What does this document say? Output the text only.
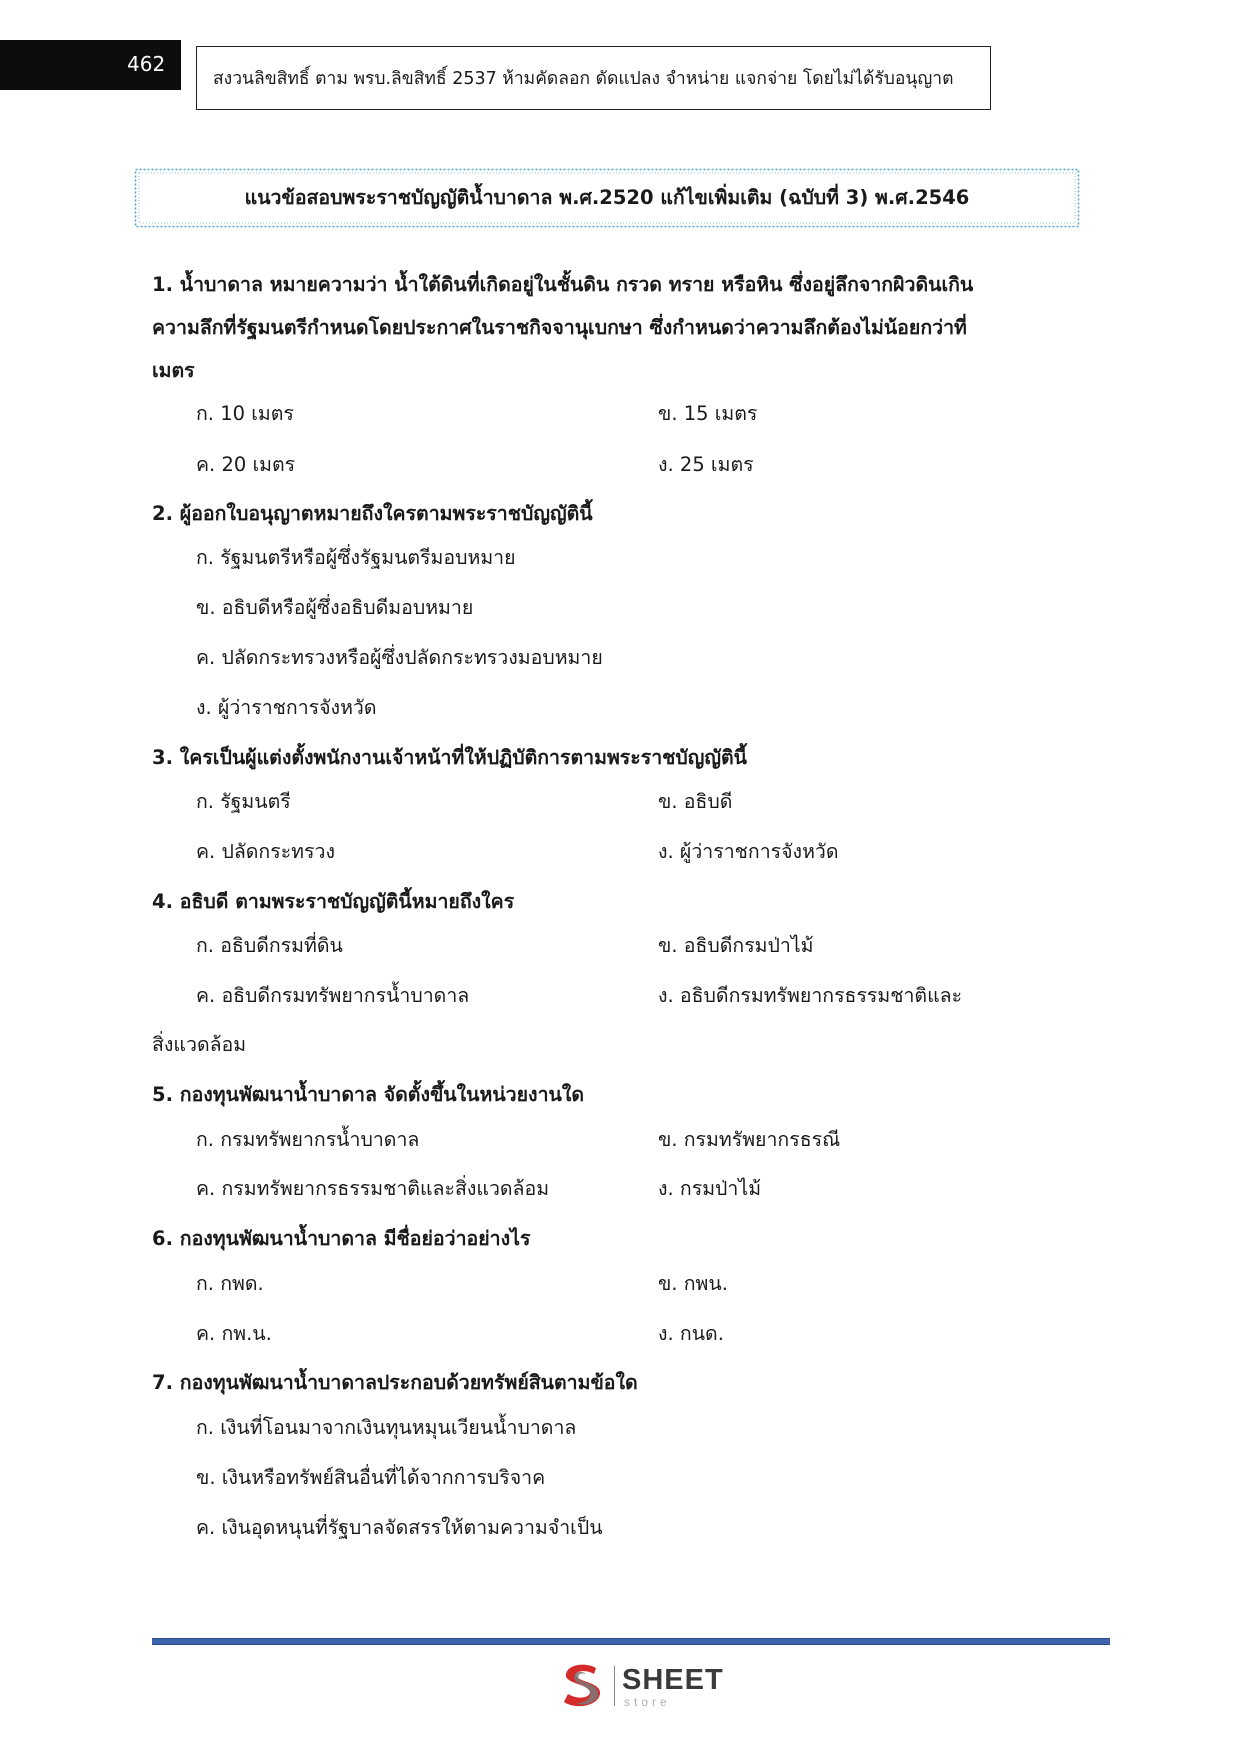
462
สงวนลิขสิทธิ์ ตาม พรบ.ลิขสิทธิ์ 2537 ห้ามคัดลอก ดัดแปลง จำหน่าย แจกจ่าย โดยไม่ได้รับอนุญาต
แนวข้อสอบพระราชบัญญัติน้ำบาดาล พ.ศ.2520 แก้ไขเพิ่มเติม (ฉบับที่ 3) พ.ศ.2546
1. น้ำบาดาล หมายความว่า น้ำใต้ดินที่เกิดอยู่ในชั้นดิน กรวด ทราย หรือหิน ซึ่งอยู่ลึกจากผิวดินเกิน
ความลึกที่รัฐมนตรีกำหนดโดยประกาศในราชกิจจานุเบกษา ซึ่งกำหนดว่าความลึกต้องไม่น้อยกว่าที่
เมตร
ก. 10 เมตร	ข. 15 เมตร
ค. 20 เมตร	ง. 25 เมตร
2. ผู้ออกใบอนุญาตหมายถึงใครตามพระราชบัญญัตินี้
ก. รัฐมนตรีหรือผู้ซึ่งรัฐมนตรีมอบหมาย
ข. อธิบดีหรือผู้ซึ่งอธิบดีมอบหมาย
ค. ปลัดกระทรวงหรือผู้ซึ่งปลัดกระทรวงมอบหมาย
ง. ผู้ว่าราชการจังหวัด
3. ใครเป็นผู้แต่งตั้งพนักงานเจ้าหน้าที่ให้ปฏิบัติการตามพระราชบัญญัตินี้
ก. รัฐมนตรี	ข. อธิบดี
ค. ปลัดกระทรวง	ง. ผู้ว่าราชการจังหวัด
4. อธิบดี ตามพระราชบัญญัตินี้หมายถึงใคร
ก. อธิบดีกรมที่ดิน	ข. อธิบดีกรมป่าไม้
ค. อธิบดีกรมทรัพยากรน้ำบาดาล	ง. อธิบดีกรมทรัพยากรธรรมชาติและ
สิ่งแวดล้อม
5. กองทุนพัฒนาน้ำบาดาล จัดตั้งขึ้นในหน่วยงานใด
ก. กรมทรัพยากรน้ำบาดาล	ข. กรมทรัพยากรธรณี
ค. กรมทรัพยากรธรรมชาติและสิ่งแวดล้อม	ง. กรมป่าไม้
6. กองทุนพัฒนาน้ำบาดาล มีชื่อย่อว่าอย่างไร
ก. กพด.	ข. กพน.
ค. กพ.น.	ง. กนด.
7. กองทุนพัฒนาน้ำบาดาลประกอบด้วยทรัพย์สินตามข้อใด
ก. เงินที่โอนมาจากเงินทุนหมุนเวียนน้ำบาดาล
ข. เงินหรือทรัพย์สินอื่นที่ได้จากการบริจาค
ค. เงินอุดหนุนที่รัฐบาลจัดสรรให้ตามความจำเป็น
SHEET
store
